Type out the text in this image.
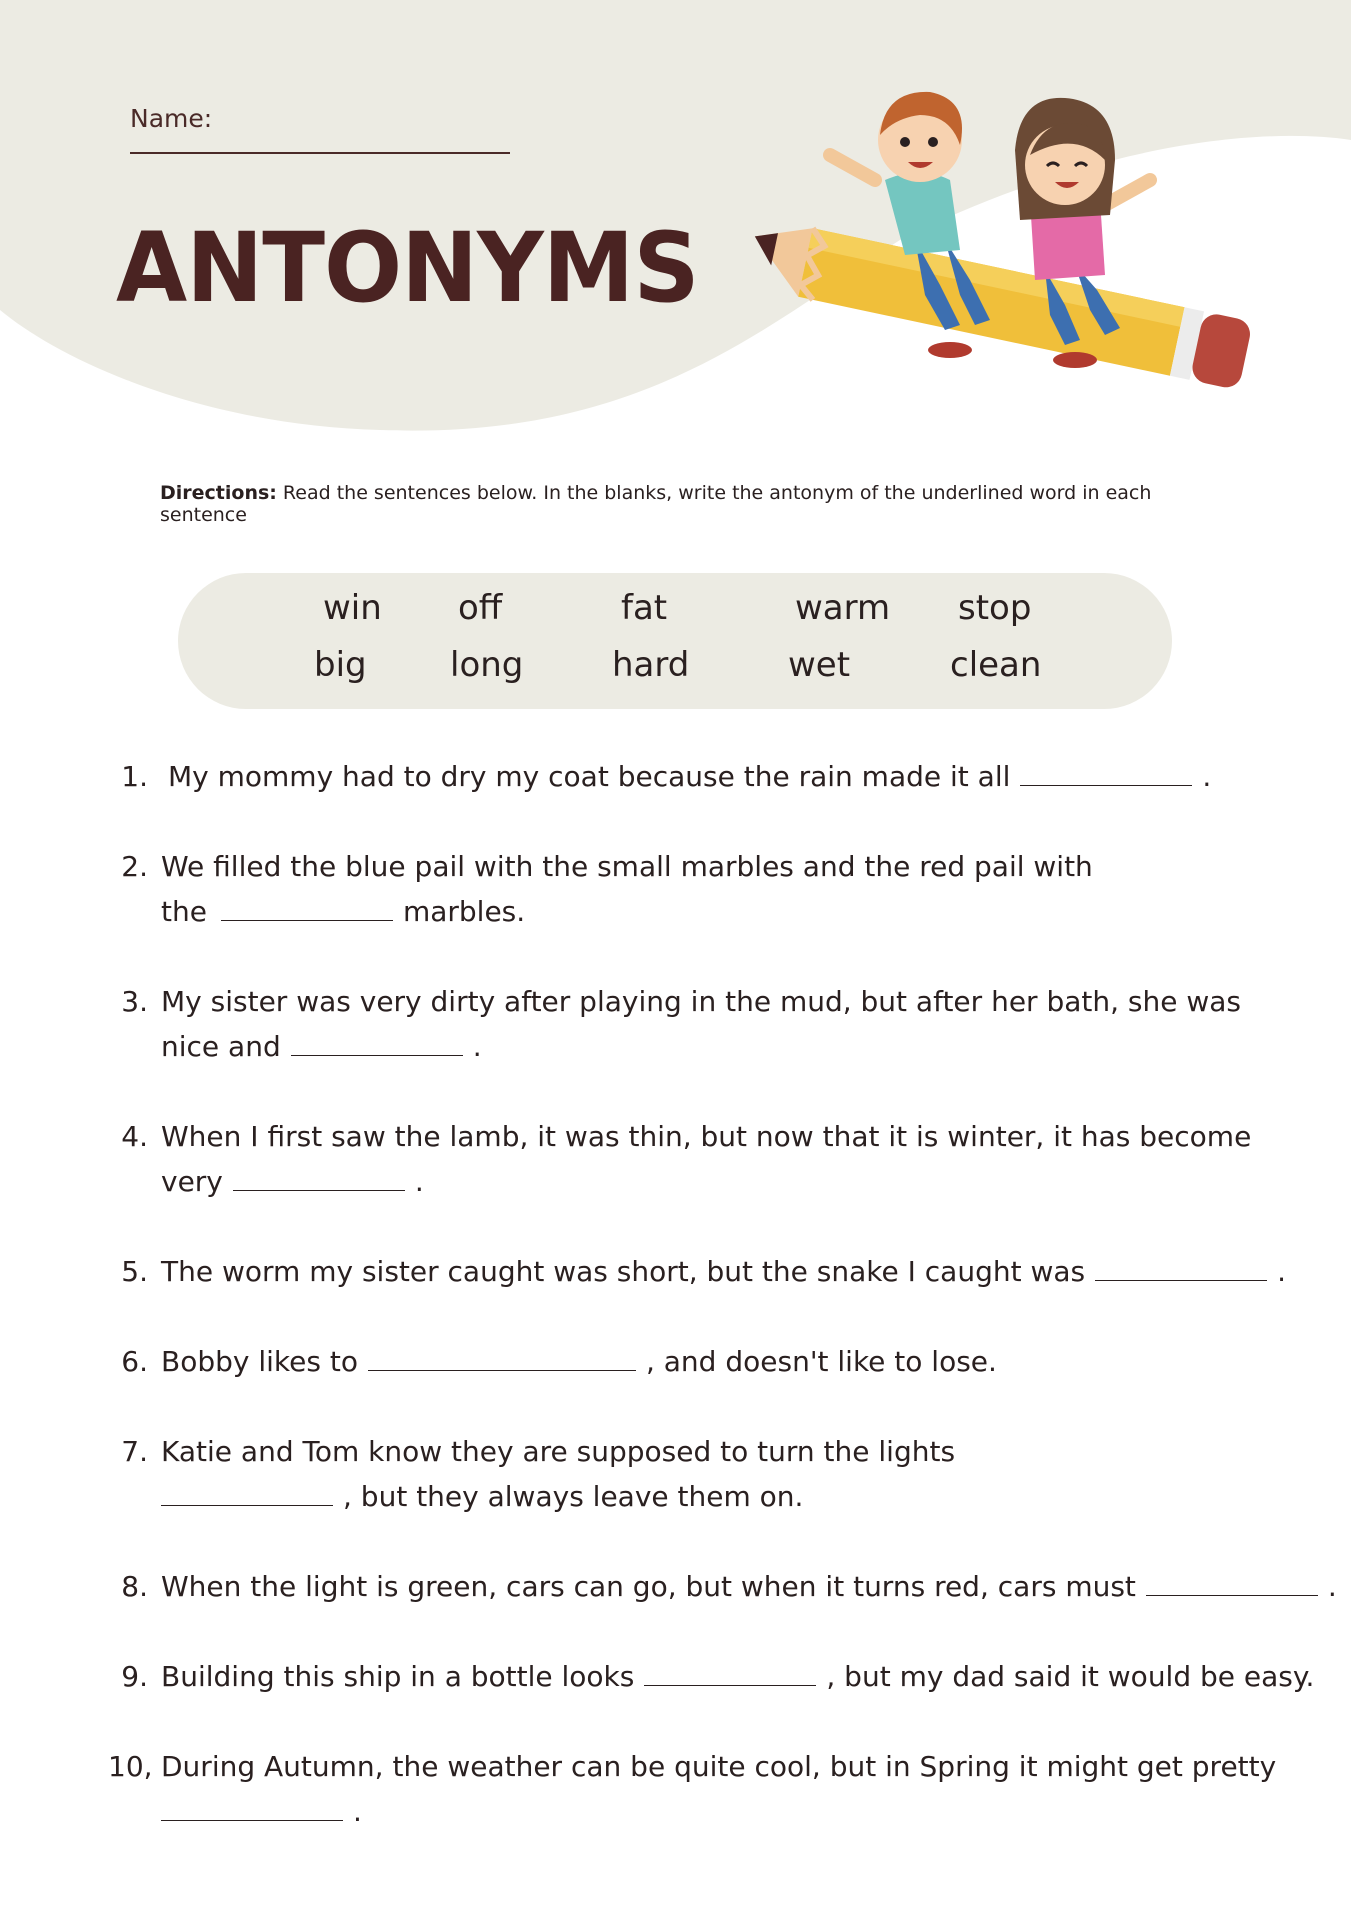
Name:
ANTONYMS
Directions: Read the sentences below. In the blanks, write the antonym of the underlined word in each sentence
win off	fat	warm stop
big long	hard	wet	clean
1. My mommy had to dry my coat because the rain made it all	.
2. We filled the blue pail with the small marbles and the red pail with
the	marbles.
3. My sister was very dirty after playing in the mud, but after her bath, she was
nice and	.
4. When I first saw the lamb, it was thin, but now that it is winter, it has become
very	.
5. The worm my sister caught was short, but the snake I caught was	.
6. Bobby likes to	, and doesn't like to lose.
7. Katie and Tom know they are supposed to turn the lights
, but they always leave them on.
8. When the light is green, cars can go, but when it turns red, cars must	.
9. Building this ship in a bottle looks	, but my dad said it would be easy.
10, During Autumn, the weather can be quite cool, but in Spring it might get pretty
.
